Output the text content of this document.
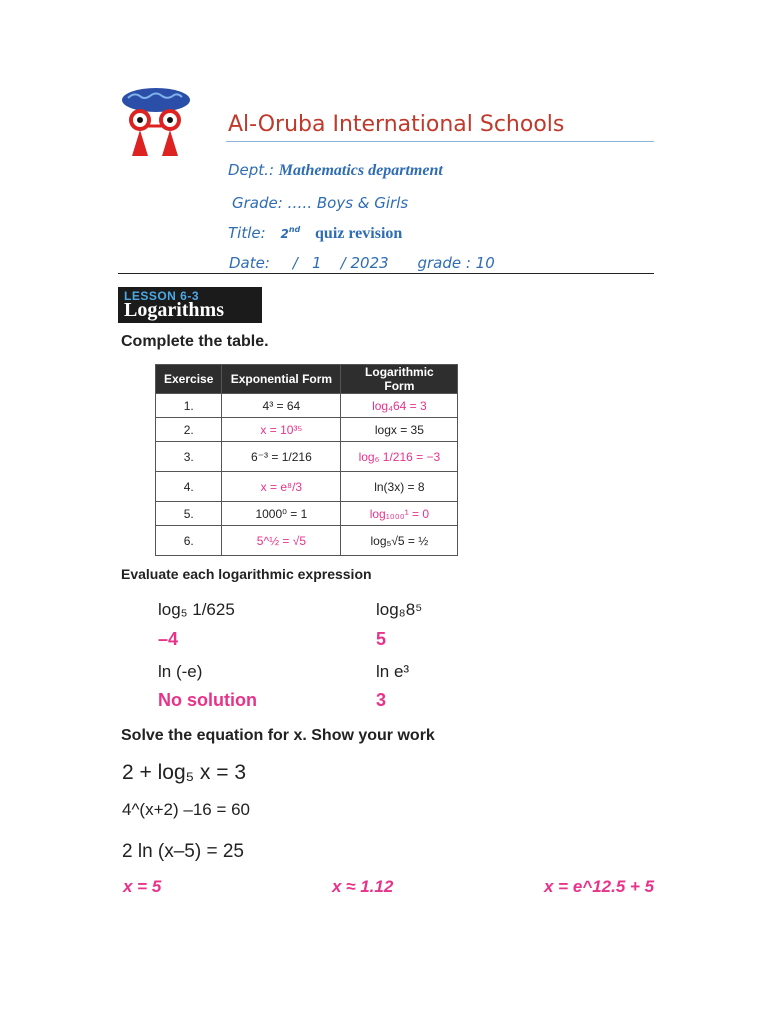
Al-Oruba International Schools
Dept.: Mathematics department
Grade: ….. Boys & Girls
Title: 2nd quiz revision
Date: /   1    / 2023 grade : 10
LESSON 6-3
Logarithms
Complete the table.
Exercise	Exponential Form	Logarithmic Form
1.	4³ = 64	log₄64 = 3
2.	x = 10³⁵	logx = 35
3.	6⁻³ = 1/216	log₆ 1/216 = −3
4.	x = e⁸/3	ln(3x) = 8
5.	1000⁰ = 1	log₁₀₀₀¹ = 0
6.	5^½ = √5	log₅√5 = ½
Evaluate each logarithmic expression
log₅ 1/625
–4
log₈8⁵
5
ln (-e)
No solution
ln e³
3
Solve the equation for x. Show your work
2 + log₅ x = 3
4^(x+2) –16 = 60
2 ln (x–5) = 25
x = 5	x ≈ 1.12	x = e^12.5 + 5
